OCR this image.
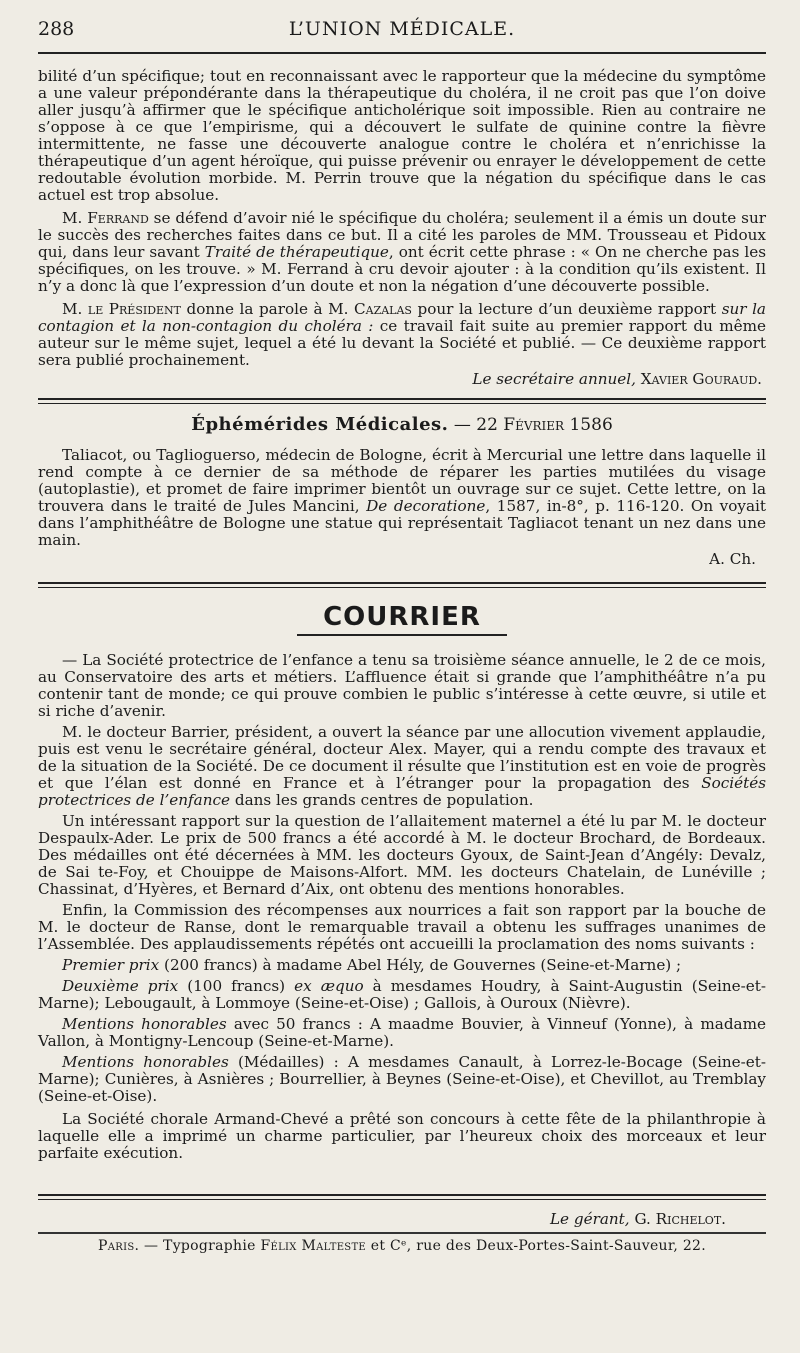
288	L’UNION MÉDICALE.

bilité d’un spécifique; tout en reconnaissant avec le rapporteur que la médecine du symptôme a une valeur prépondérante dans la thérapeutique du choléra, il ne croit pas que l’on doive aller jusqu’à affirmer que le spécifique anticholérique soit impossible. Rien au contraire ne s’oppose à ce que l’empirisme, qui a découvert le sulfate de quinine contre la fièvre intermittente, ne fasse une découverte analogue contre le choléra et n’enrichisse la thérapeutique d’un agent héroïque, qui puisse prévenir ou enrayer le développement de cette redoutable évolution morbide. M. Perrin trouve que la négation du spécifique dans le cas actuel est trop absolue.

M. Ferrand se défend d’avoir nié le spécifique du choléra; seulement il a émis un doute sur le succès des recherches faites dans ce but. Il a cité les paroles de MM. Trousseau et Pidoux qui, dans leur savant Traité de thérapeutique, ont écrit cette phrase : « On ne cherche pas les spécifiques, on les trouve. » M. Ferrand à cru devoir ajouter : à la condition qu’ils existent. Il n’y a donc là que l’expression d’un doute et non la négation d’une découverte possible.

M. le Président donne la parole à M. Cazalas pour la lecture d’un deuxième rapport sur la contagion et la non-contagion du choléra : ce travail fait suite au premier rapport du même auteur sur le même sujet, lequel a été lu devant la Société et publié. — Ce deuxième rapport sera publié prochainement.

Le secrétaire annuel, Xavier Gouraud.
Éphémérides Médicales. — 22 Février 1586

Taliacot, ou Taglioguerso, médecin de Bologne, écrit à Mercurial une lettre dans laquelle il rend compte à ce dernier de sa méthode de réparer les parties mutilées du visage (autoplastie), et promet de faire imprimer bientôt un ouvrage sur ce sujet. Cette lettre, on la trouvera dans le traité de Jules Mancini, De decoratione, 1587, in-8°, p. 116-120. On voyait dans l’amphithéâtre de Bologne une statue qui représentait Tagliacot tenant un nez dans une main.

A. Ch.
COURRIER

— La Société protectrice de l’enfance a tenu sa troisième séance annuelle, le 2 de ce mois, au Conservatoire des arts et métiers. L’affluence était si grande que l’amphithéâtre n’a pu contenir tant de monde; ce qui prouve combien le public s’intéresse à cette œuvre, si utile et si riche d’avenir.

M. le docteur Barrier, président, a ouvert la séance par une allocution vivement applaudie, puis est venu le secrétaire général, docteur Alex. Mayer, qui a rendu compte des travaux et de la situation de la Société. De ce document il résulte que l’institution est en voie de progrès et que l’élan est donné en France et à l’étranger pour la propagation des Sociétés protectrices de l’enfance dans les grands centres de population.

Un intéressant rapport sur la question de l’allaitement maternel a été lu par M. le docteur Despaulx-Ader. Le prix de 500 francs a été accordé à M. le docteur Brochard, de Bordeaux. Des médailles ont été décernées à MM. les docteurs Gyoux, de Saint-Jean d’Angély: Devalz, de Sai te-Foy, et Chouippe de Maisons-Alfort. MM. les docteurs Chatelain, de Lunéville ; Chassinat, d’Hyères, et Bernard d’Aix, ont obtenu des mentions honorables.

Enfin, la Commission des récompenses aux nourrices a fait son rapport par la bouche de M. le docteur de Ranse, dont le remarquable travail a obtenu les suffrages unanimes de l’Assemblée. Des applaudissements répétés ont accueilli la proclamation des noms suivants :

Premier prix (200 francs) à madame Abel Hély, de Gouvernes (Seine-et-Marne) ;

Deuxième prix (100 francs) ex æquo à mesdames Houdry, à Saint-Augustin (Seine-et-Marne); Lebougault, à Lommoye (Seine-et-Oise) ; Gallois, à Ouroux (Nièvre).

Mentions honorables avec 50 francs : A maadme Bouvier, à Vinneuf (Yonne), à madame Vallon, à Montigny-Lencoup (Seine-et-Marne).

Mentions honorables (Médailles) : A mesdames Canault, à Lorrez-le-Bocage (Seine-et-Marne); Cunières, à Asnières ; Bourrellier, à Beynes (Seine-et-Oise), et Chevillot, au Tremblay (Seine-et-Oise).

La Société chorale Armand-Chevé a prêté son concours à cette fête de la philanthropie à laquelle elle a imprimé un charme particulier, par l’heureux choix des morceaux et leur parfaite exécution.

Le gérant, G. Richelot.
Paris. — Typographie Félix Malteste et Cᵉ, rue des Deux-Portes-Saint-Sauveur, 22.
